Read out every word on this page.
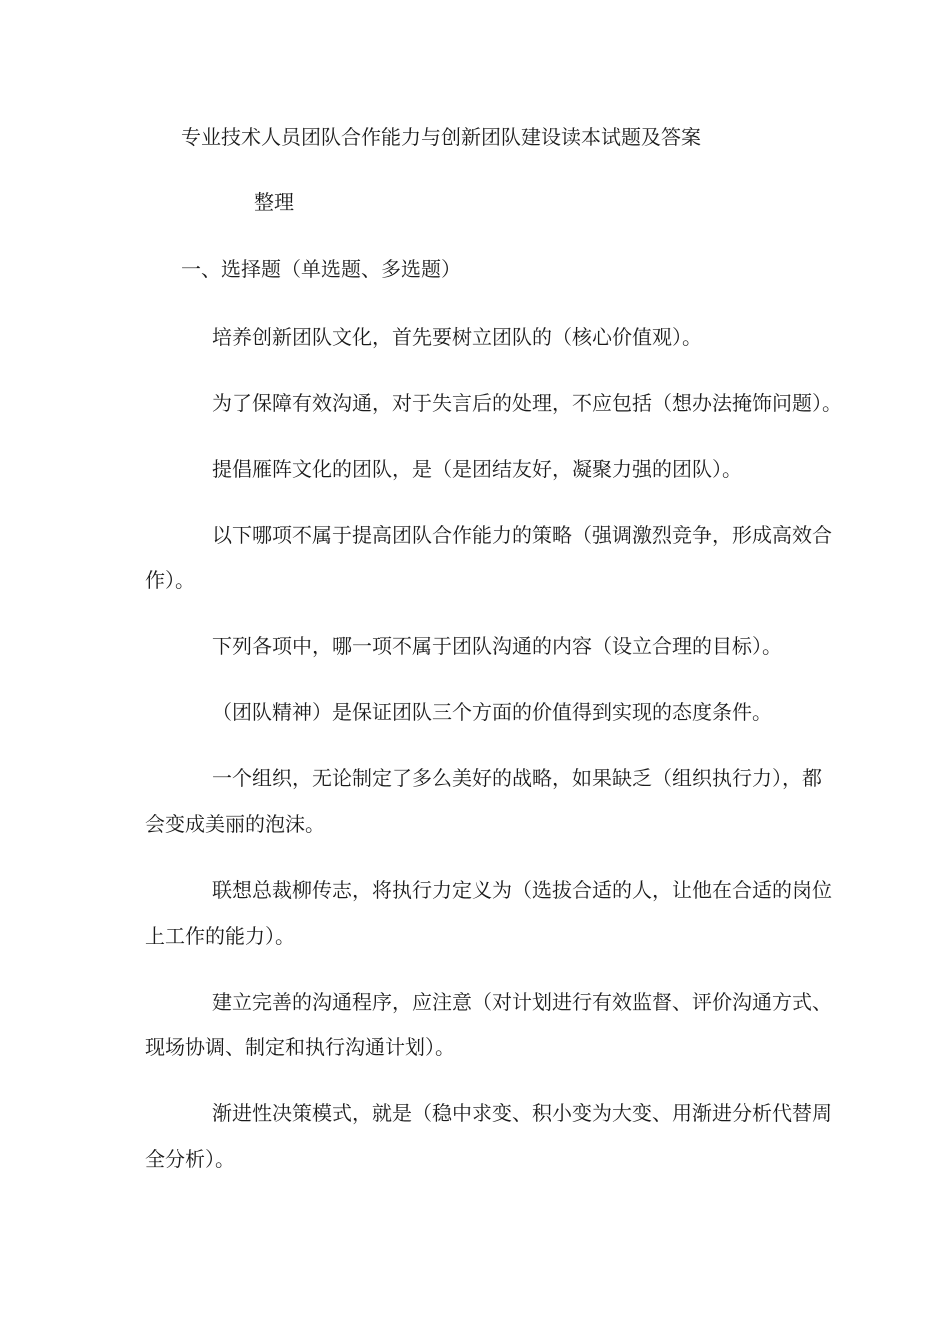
专业技术人员团队合作能力与创新团队建设读本试题及答案
整理
一、选择题（单选题、多选题）
培养创新团队文化，首先要树立团队的（核心价值观）。
为了保障有效沟通，对于失言后的处理，不应包括（想办法掩饰问题）。
提倡雁阵文化的团队，是（是团结友好，凝聚力强的团队）。
以下哪项不属于提高团队合作能力的策略（强调激烈竞争，形成高效合
作）。
下列各项中，哪一项不属于团队沟通的内容（设立合理的目标）。
（团队精神）是保证团队三个方面的价值得到实现的态度条件。
一个组织，无论制定了多么美好的战略，如果缺乏（组织执行力），都
会变成美丽的泡沫。
联想总裁柳传志，将执行力定义为（选拔合适的人，让他在合适的岗位
上工作的能力）。
建立完善的沟通程序，应注意（对计划进行有效监督、评价沟通方式、
现场协调、制定和执行沟通计划）。
渐进性决策模式，就是（稳中求变、积小变为大变、用渐进分析代替周
全分析）。
